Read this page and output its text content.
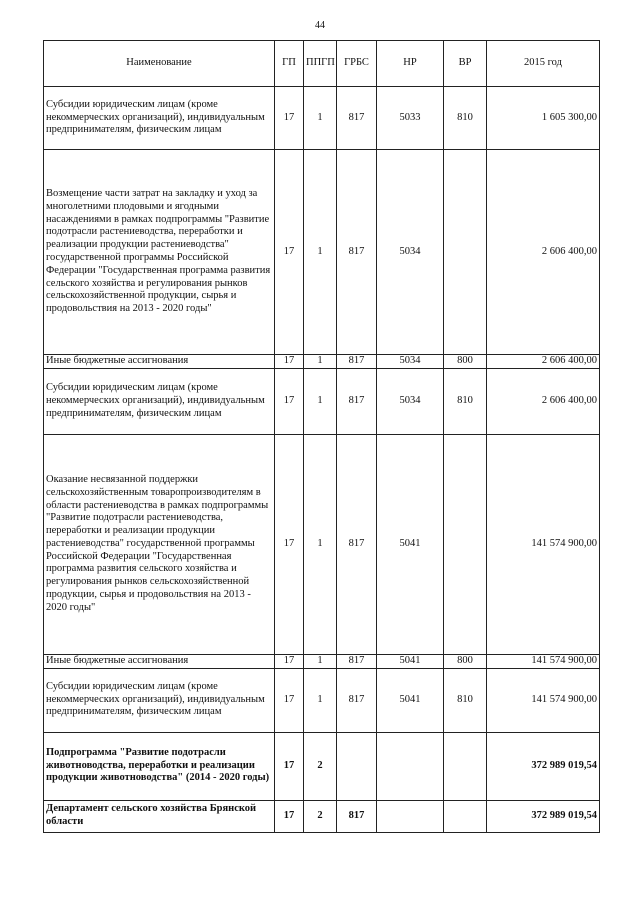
44
Наименование	ГП	ППГП	ГРБС	НР	ВР	2015 год
Субсидии юридическим лицам (кроме некоммерческих организаций), индивидуальным предпринимателям, физическим лицам	17	1	817	5033	810	1 605 300,00
Возмещение части затрат на закладку и уход за многолетними плодовыми и ягодными насаждениями в рамках подпрограммы "Развитие подотрасли растениеводства, переработки и реализации продукции растениеводства" государственной программы Российской Федерации "Государственная программа развития сельского хозяйства и регулирования рынков сельскохозяйственной продукции, сырья и продовольствия на 2013 - 2020 годы"	17	1	817	5034		2 606 400,00
Иные бюджетные ассигнования	17	1	817	5034	800	2 606 400,00
Субсидии юридическим лицам (кроме некоммерческих организаций), индивидуальным предпринимателям, физическим лицам	17	1	817	5034	810	2 606 400,00
Оказание несвязанной поддержки сельскохозяйственным товаропроизводителям в области растениеводства в рамках подпрограммы "Развитие подотрасли растениеводства, переработки и реализации продукции растениеводства" государственной программы Российской Федерации "Государственная программа развития сельского хозяйства и регулирования рынков сельскохозяйственной продукции, сырья и продовольствия на 2013 - 2020 годы"	17	1	817	5041		141 574 900,00
Иные бюджетные ассигнования	17	1	817	5041	800	141 574 900,00
Субсидии юридическим лицам (кроме некоммерческих организаций), индивидуальным предпринимателям, физическим лицам	17	1	817	5041	810	141 574 900,00
Подпрограмма "Развитие подотрасли животноводства, переработки и реализации продукции животноводства" (2014 - 2020 годы)	17	2				372 989 019,54
Департамент сельского хозяйства Брянской области	17	2	817			372 989 019,54
